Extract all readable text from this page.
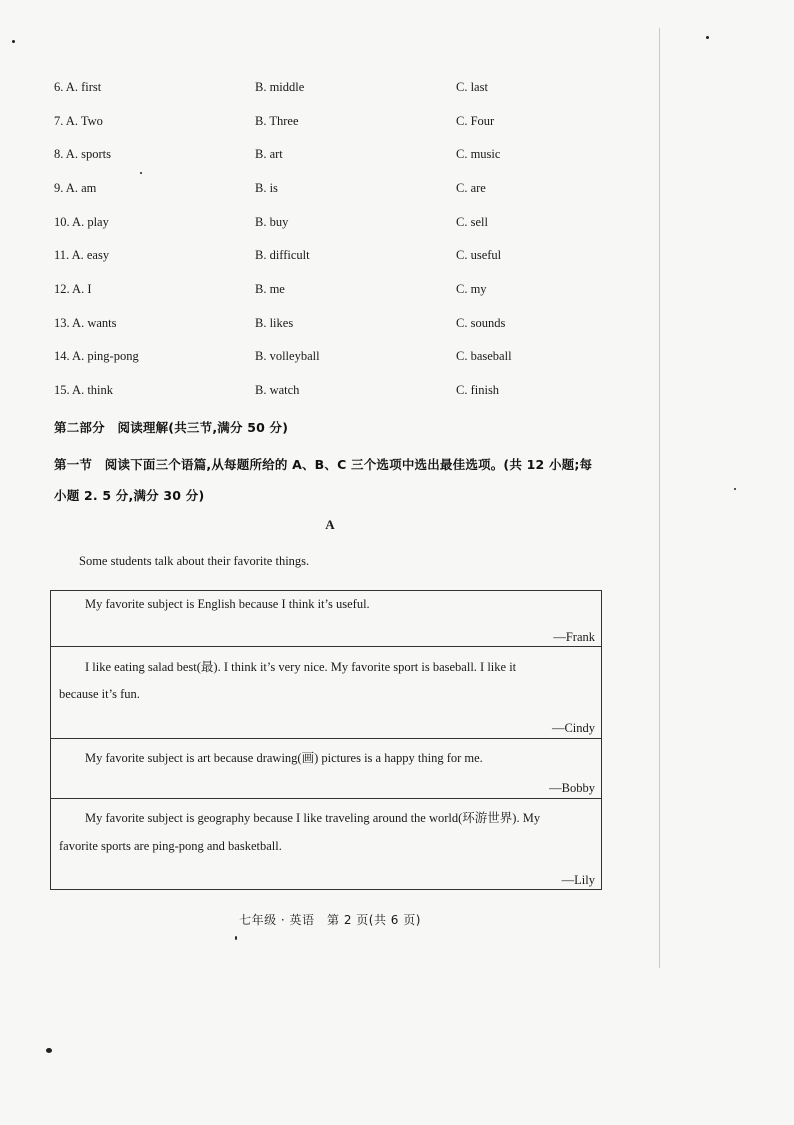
6. A. first	B. middle	C. last
7. A. Two	B. Three	C. Four
8. A. sports	B. art	C. music
9. A. am	B. is	C. are
10. A. play	B. buy	C. sell
11. A. easy	B. difficult	C. useful
12. A. I	B. me	C. my
13. A. wants	B. likes	C. sounds
14. A. ping-pong	B. volleyball	C. baseball
15. A. think	B. watch	C. finish
第二部分　阅读理解(共三节,满分 50 分)
第一节　阅读下面三个语篇,从每题所给的 A、B、C 三个选项中选出最佳选项。(共 12 小题;每
小题 2. 5 分,满分 30 分)
A
Some students talk about their favorite things.
My favorite subject is English because I think it’s useful.
—Frank
I like eating salad best(最). I think it’s very nice. My favorite sport is baseball. I like it
because it’s fun.
—Cindy
My favorite subject is art because drawing(画) pictures is a happy thing for me.
—Bobby
My favorite subject is geography because I like traveling around the world(环游世界). My
favorite sports are ping-pong and basketball.
—Lily
七年级 · 英语　第 2 页(共 6 页)
